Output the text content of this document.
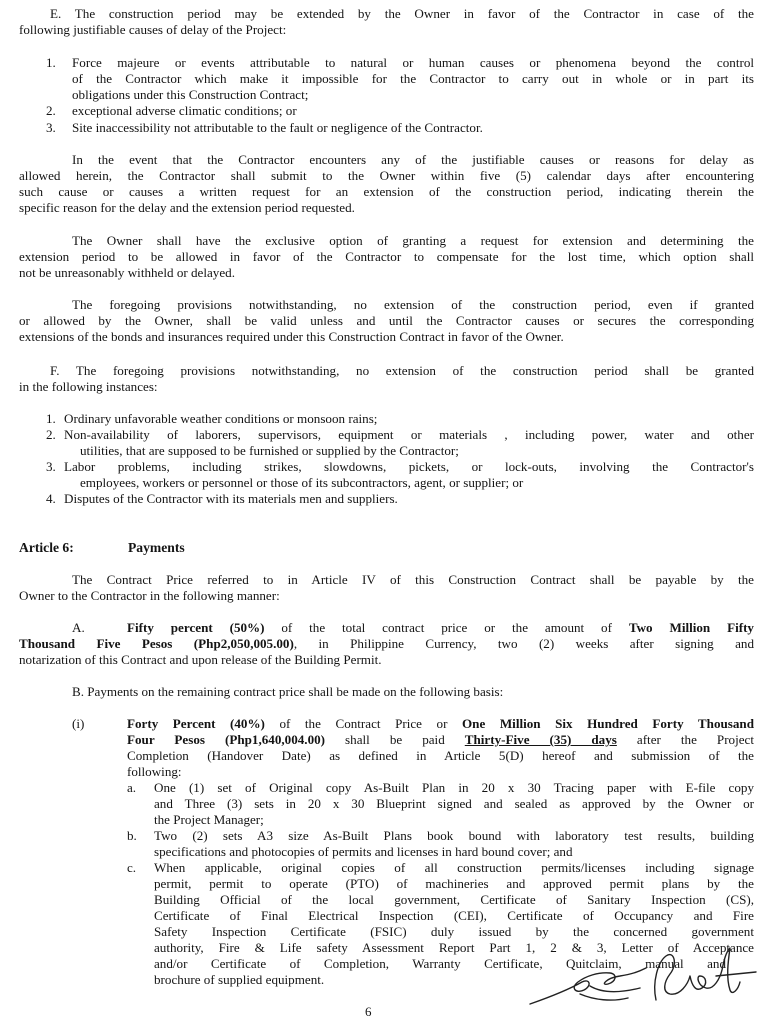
E. The construction period may be extended by the Owner in favor of the Contractor in case of the
following justifiable causes of delay of the Project:
1. Force majeure or events attributable to natural or human causes or phenomena beyond the control
of the Contractor which make it impossible for the Contractor to carry out in whole or in part its
obligations under this Construction Contract;
2. exceptional adverse climatic conditions; or
3. Site inaccessibility not attributable to the fault or negligence of the Contractor.
In the event that the Contractor encounters any of the justifiable causes or reasons for delay as
allowed herein, the Contractor shall submit to the Owner within five (5) calendar days after encountering
such cause or causes a written request for an extension of the construction period, indicating therein the
specific reason for the delay and the extension period requested.
The Owner shall have the exclusive option of granting a request for extension and determining the
extension period to be allowed in favor of the Contractor to compensate for the lost time, which option shall
not be unreasonably withheld or delayed.
The foregoing provisions notwithstanding, no extension of the construction period, even if granted
or allowed by the Owner, shall be valid unless and until the Contractor causes or secures the corresponding
extensions of the bonds and insurances required under this Construction Contract in favor of the Owner.
F. The foregoing provisions notwithstanding, no extension of the construction period shall be granted
in the following instances:
1. Ordinary unfavorable weather conditions or monsoon rains;
2. Non-availability of laborers, supervisors, equipment or materials , including power, water and other
utilities, that are supposed to be furnished or supplied by the Contractor;
3. Labor problems, including strikes, slowdowns, pickets, or lock-outs, involving the Contractor's
employees, workers or personnel or those of its subcontractors, agent, or supplier; or
4. Disputes of the Contractor with its materials men and suppliers.
Article 6:	Payments
The Contract Price referred to in Article IV of this Construction Contract shall be payable by the
Owner to the Contractor in the following manner:
A.	Fifty percent (50%) of the total contract price or the amount of Two Million Fifty
Thousand Five Pesos (Php2,050,005.00), in Philippine Currency, two (2) weeks after signing and
notarization of this Contract and upon release of the Building Permit.
B. Payments on the remaining contract price shall be made on the following basis:
(i)	Forty Percent (40%) of the Contract Price or One Million Six Hundred Forty Thousand
Four Pesos (Php1,640,004.00) shall be paid Thirty-Five (35) days after the Project
Completion (Handover Date) as defined in Article 5(D) hereof and submission of the
following:
a. One (1) set of Original copy As-Built Plan in 20 x 30 Tracing paper with E-file copy
and Three (3) sets in 20 x 30 Blueprint signed and sealed as approved by the Owner or
the Project Manager;
b. Two (2) sets A3 size As-Built Plans book bound with laboratory test results, building
specifications and photocopies of permits and licenses in hard bound cover; and
c. When applicable, original copies of all construction permits/licenses including signage
permit, permit to operate (PTO) of machineries and approved permit plans by the
Building Official of the local government, Certificate of Sanitary Inspection (CS),
Certificate of Final Electrical Inspection (CEI), Certificate of Occupancy and Fire
Safety Inspection Certificate (FSIC) duly issued by the concerned government
authority, Fire & Life safety Assessment Report Part 1, 2 & 3, Letter of Acceptance
and/or Certificate of Completion, Warranty Certificate, Quitclaim, manual and
brochure of supplied equipment.
6
